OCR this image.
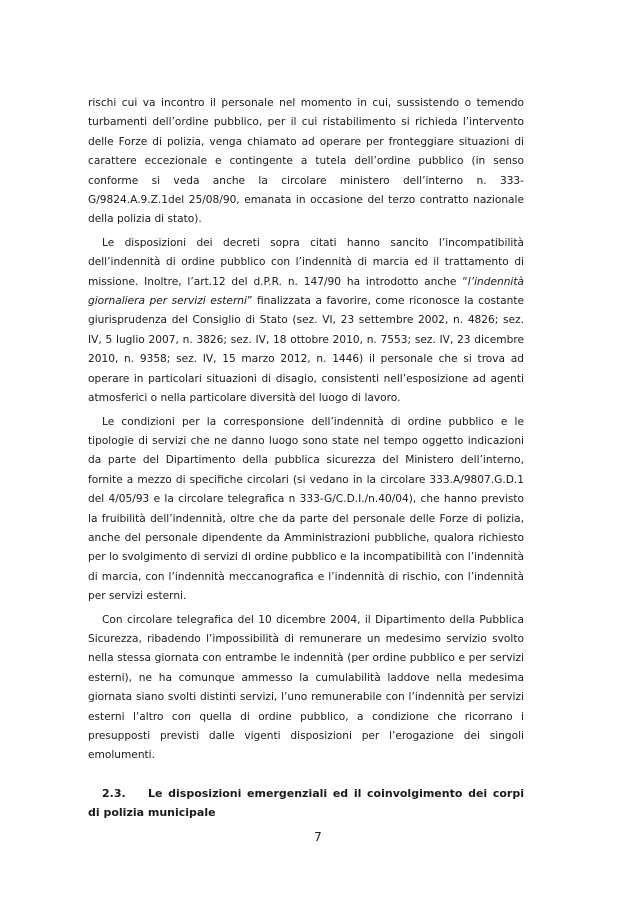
rischi cui va incontro il personale nel momento in cui, sussistendo o temendo turbamenti dell’ordine pubblico, per il cui ristabilimento si richieda l’intervento delle Forze di polizia, venga chiamato ad operare per fronteggiare situazioni di carattere eccezionale e contingente a tutela dell’ordine pubblico (in senso conforme si veda anche la circolare ministero dell’interno n. 333-G/9824.A.9.Z.1del 25/08/90, emanata in occasione del terzo contratto nazionale della polizia di stato).

Le disposizioni dei decreti sopra citati hanno sancito l’incompatibilità dell’indennità di ordine pubblico con l’indennità di marcia ed il trattamento di missione. Inoltre, l’art.12 del d.P.R. n. 147/90 ha introdotto anche “l’indennità giornaliera per servizi esterni” finalizzata a favorire, come riconosce la costante giurisprudenza del Consiglio di Stato (sez. VI, 23 settembre 2002, n. 4826; sez. IV, 5 luglio 2007, n. 3826; sez. IV, 18 ottobre 2010, n. 7553; sez. IV, 23 dicembre 2010, n. 9358; sez. IV, 15 marzo 2012, n. 1446) il personale che si trova ad operare in particolari situazioni di disagio, consistenti nell’esposizione ad agenti atmosferici o nella particolare diversità del luogo di lavoro.

Le condizioni per la corresponsione dell’indennità di ordine pubblico e le tipologie di servizi che ne danno luogo sono state nel tempo oggetto indicazioni da parte del Dipartimento della pubblica sicurezza del Ministero dell’interno, fornite a mezzo di specifiche circolari (si vedano in la circolare 333.A/9807.G.D.1 del 4/05/93 e la circolare telegrafica n 333-G/C.D.I./n.40/04), che hanno previsto la fruibilità dell’indennità, oltre che da parte del personale delle Forze di polizia, anche del personale dipendente da Amministrazioni pubbliche, qualora richiesto per lo svolgimento di servizi di ordine pubblico e la incompatibilità con l’indennità di marcia, con l’indennità meccanografica e l’indennità di rischio, con l’indennità per servizi esterni.

Con circolare telegrafica del 10 dicembre 2004, il Dipartimento della Pubblica Sicurezza, ribadendo l’impossibilità di remunerare un medesimo servizio svolto nella stessa giornata con entrambe le indennità (per ordine pubblico e per servizi esterni), ne ha comunque ammesso la cumulabilità laddove nella medesima giornata siano svolti distinti servizi, l’uno remunerabile con l’indennità per servizi esterni l’altro con quella di ordine pubblico, a condizione che ricorrano i presupposti previsti dalle vigenti disposizioni per l’erogazione dei singoli emolumenti.

2.3. Le disposizioni emergenziali ed il coinvolgimento dei corpi di polizia municipale
7
